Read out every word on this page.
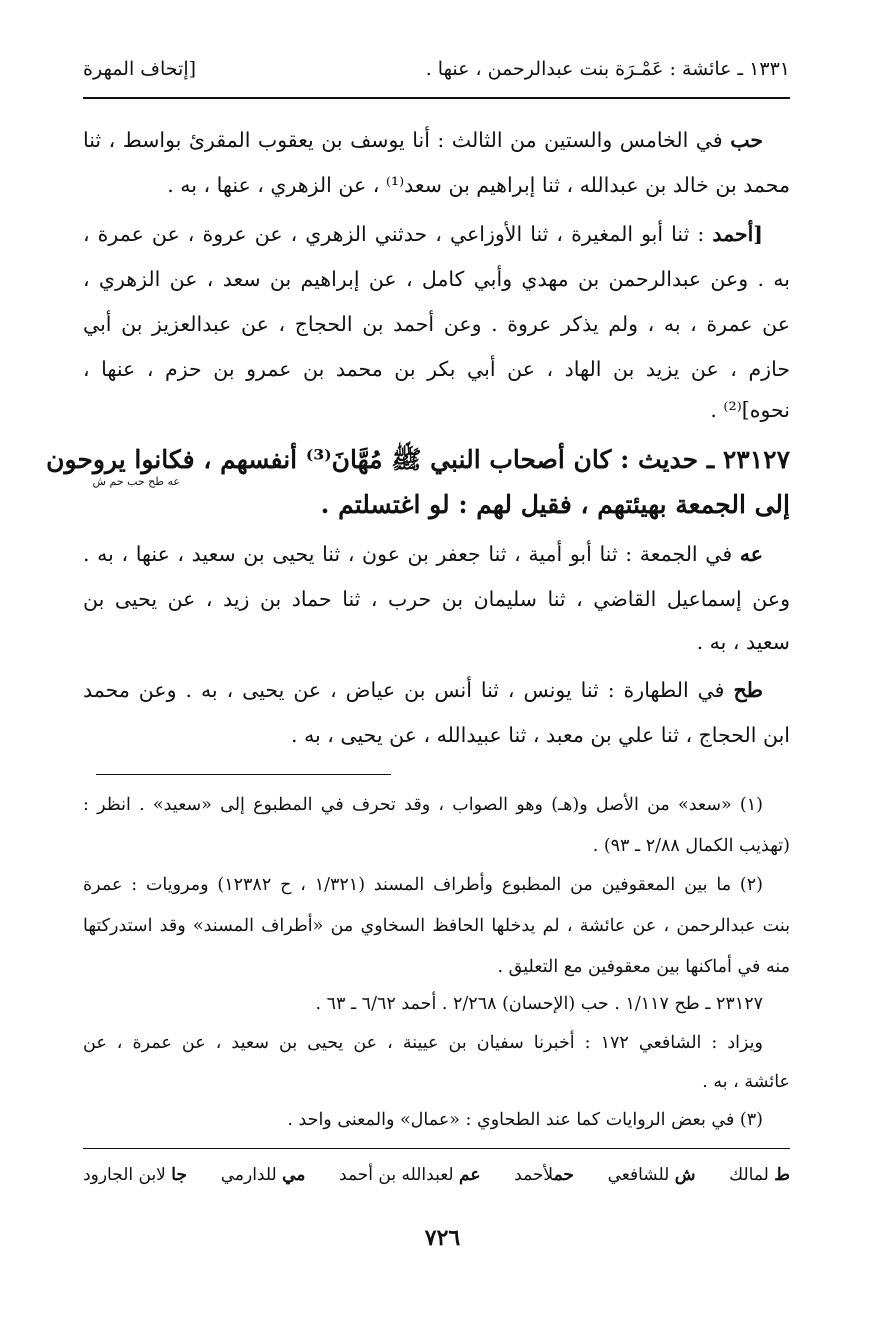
١٣٣١ ـ عائشة : عَمْـرَة بنت عبدالرحمن ، عنها .
[إتحاف المهرة
حب في الخامس والستين من الثالث : أنا يوسف بن يعقوب المقرئ بواسط ، ثنا
محمد بن خالد بن عبدالله ، ثنا إبراهيم بن سعد⁽¹⁾ ، عن الزهري ، عنها ، به .
[أحمد : ثنا أبو المغيرة ، ثنا الأوزاعي ، حدثني الزهري ، عن عروة ، عن عمرة ،
به . وعن عبدالرحمن بن مهدي وأبي كامل ، عن إبراهيم بن سعد ، عن الزهري ،
عن عمرة ، به ، ولم يذكر عروة . وعن أحمد بن الحجاج ، عن عبدالعزيز بن أبي
حازم ، عن يزيد بن الهاد ، عن أبي بكر بن محمد بن عمرو بن حزم ، عنها ،
نحوه]⁽²⁾ .
٢٣١٢٧ ـ حديث : كان أصحاب النبي ﷺ مُهَّانَ⁽³⁾ أنفسهم ، فكانوا يروحون
عه طح حب حم ش
إلى الجمعة بهيئتهم ، فقيل لهم : لو اغتسلتم .
عه في الجمعة : ثنا أبو أمية ، ثنا جعفر بن عون ، ثنا يحيى بن سعيد ، عنها ، به .
وعن إسماعيل القاضي ، ثنا سليمان بن حرب ، ثنا حماد بن زيد ، عن يحيى بن
سعيد ، به .
طح في الطهارة : ثنا يونس ، ثنا أنس بن عياض ، عن يحيى ، به . وعن محمد
ابن الحجاج ، ثنا علي بن معبد ، ثنا عبيدالله ، عن يحيى ، به .
(١) «سعد» من الأصل و(هـ) وهو الصواب ، وقد تحرف في المطبوع إلى «سعيد» . انظر :
(تهذيب الكمال ٢/٨٨ ـ ٩٣) .
(٢) ما بين المعقوفين من المطبوع وأطراف المسند (١/٣٢١ ، ح ١٢٣٨٢) ومرويات : عمرة
بنت عبدالرحمن ، عن عائشة ، لم يدخلها الحافظ السخاوي من «أطراف المسند» وقد استدركتها
منه في أماكنها بين معقوفين مع التعليق .
٢٣١٢٧ ـ طح ١/١١٧ . حب (الإحسان) ٢/٢٦٨ . أحمد ٦/٦٢ ـ ٦٣ .
ويزاد : الشافعي ١٧٢ : أخبرنا سفيان بن عيينة ، عن يحيى بن سعيد ، عن عمرة ، عن
عائشة ، به .
(٣) في بعض الروايات كما عند الطحاوي : «عمال» والمعنى واحد .
ط لمالك
ش للشافعي
حملأحمد
عم لعبدالله بن أحمد
مي للدارمي
جا لابن الجارود
٧٢٦
